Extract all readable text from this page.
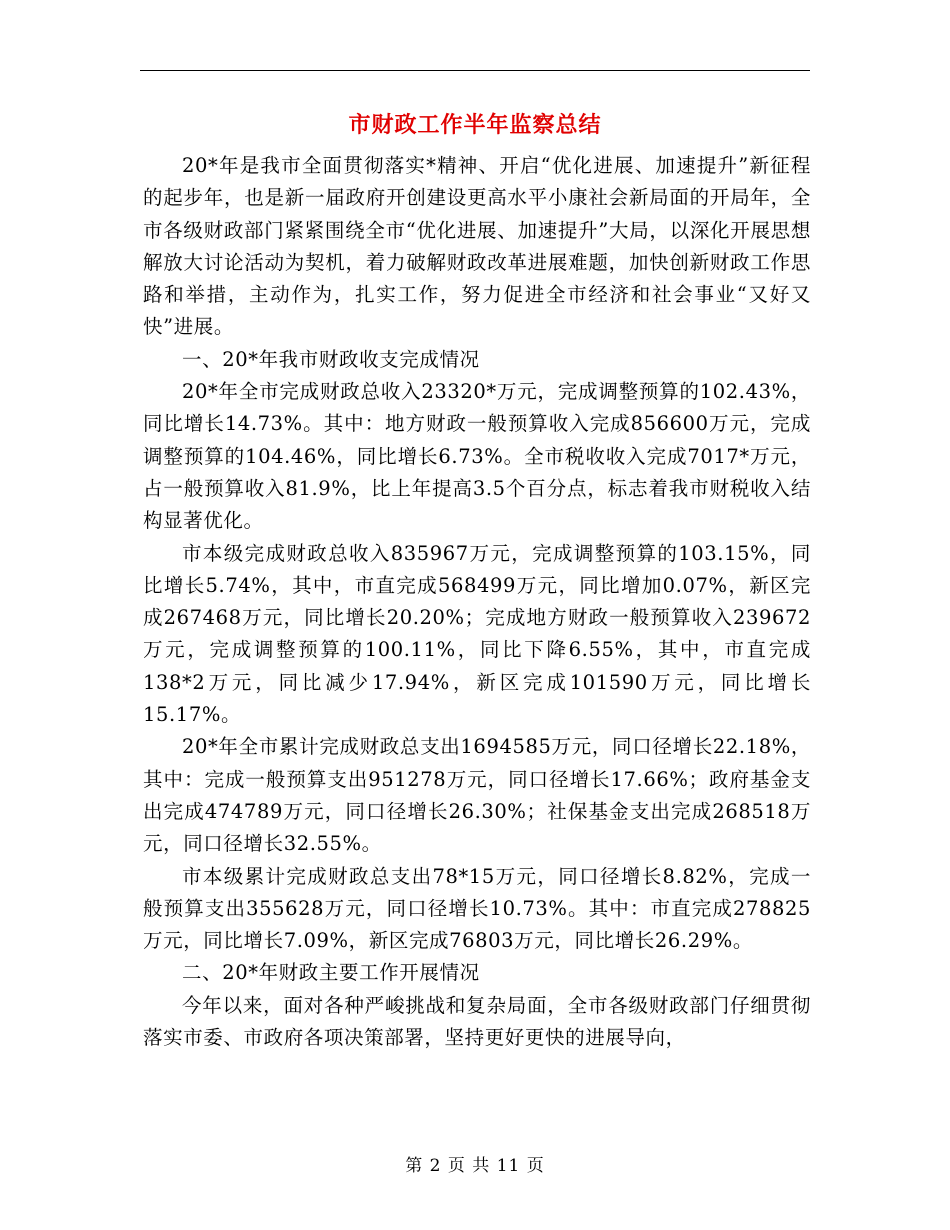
市财政工作半年监察总结

20*年是我市全面贯彻落实*精神、开启“优化进展、加速提升”新征程的起步年，也是新一届政府开创建设更高水平小康社会新局面的开局年，全市各级财政部门紧紧围绕全市“优化进展、加速提升”大局，以深化开展思想解放大讨论活动为契机，着力破解财政改革进展难题，加快创新财政工作思路和举措，主动作为，扎实工作，努力促进全市经济和社会事业“又好又快”进展。

一、20*年我市财政收支完成情况

20*年全市完成财政总收入23320*万元，完成调整预算的102.43%，同比增长14.73%。其中：地方财政一般预算收入完成856600万元，完成调整预算的104.46%，同比增长6.73%。全市税收收入完成7017*万元，占一般预算收入81.9%，比上年提高3.5个百分点，标志着我市财税收入结构显著优化。

市本级完成财政总收入835967万元，完成调整预算的103.15%，同比增长5.74%，其中，市直完成568499万元，同比增加0.07%，新区完成267468万元，同比增长20.20%；完成地方财政一般预算收入239672万元，完成调整预算的100.11%，同比下降6.55%，其中，市直完成138*2万元，同比减少17.94%，新区完成101590万元，同比增长15.17%。

20*年全市累计完成财政总支出1694585万元，同口径增长22.18%，其中：完成一般预算支出951278万元，同口径增长17.66%；政府基金支出完成474789万元，同口径增长26.30%；社保基金支出完成268518万元，同口径增长32.55%。

市本级累计完成财政总支出78*15万元，同口径增长8.82%，完成一般预算支出355628万元，同口径增长10.73%。其中：市直完成278825万元，同比增长7.09%，新区完成76803万元，同比增长26.29%。

二、20*年财政主要工作开展情况

今年以来，面对各种严峻挑战和复杂局面，全市各级财政部门仔细贯彻落实市委、市政府各项决策部署，坚持更好更快的进展导向，

第 2 页 共 11 页
